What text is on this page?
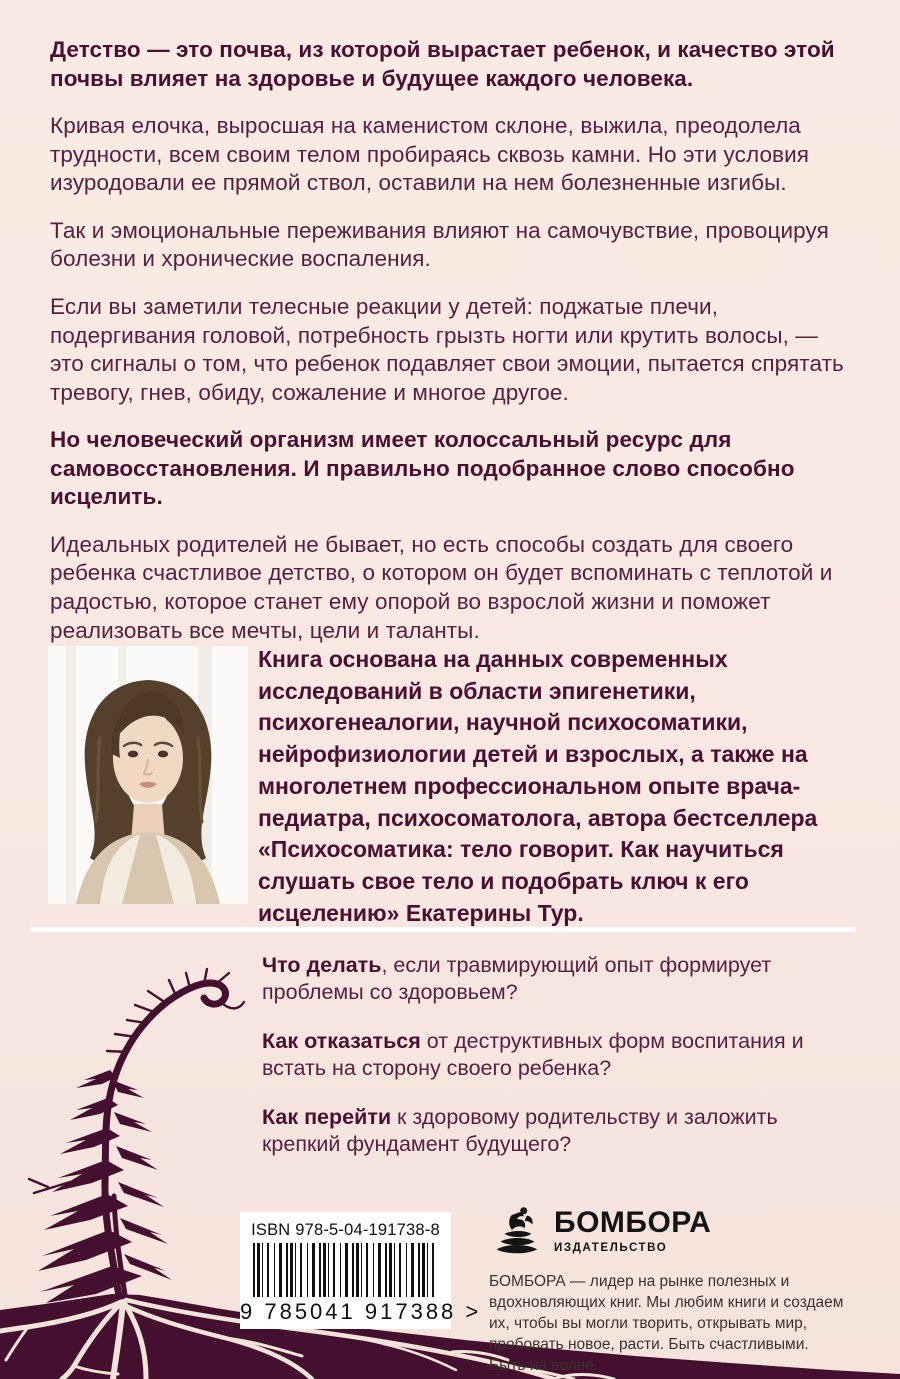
Детство — это почва, из которой вырастает ребенок, и качество этой почвы влияет на здоровье и будущее каждого человека.

Кривая елочка, выросшая на каменистом склоне, выжила, преодолела трудности, всем своим телом пробираясь сквозь камни. Но эти условия изуродовали ее прямой ствол, оставили на нем болезненные изгибы.

Так и эмоциональные переживания влияют на самочувствие, провоцируя болезни и хронические воспаления.

Если вы заметили телесные реакции у детей: поджатые плечи, подергивания головой, потребность грызть ногти или крутить волосы, — это сигналы о том, что ребенок подавляет свои эмоции, пытается спрятать тревогу, гнев, обиду, сожаление и многое другое.

Но человеческий организм имеет колоссальный ресурс для самовосстановления. И правильно подобранное слово способно исцелить.

Идеальных родителей не бывает, но есть способы создать для своего ребенка счастливое детство, о котором он будет вспоминать с теплотой и радостью, которое станет ему опорой во взрослой жизни и поможет реализовать все мечты, цели и таланты.

Книга основана на данных современных исследований в области эпигенетики, психогенеалогии, научной психосоматики, нейрофизиологии детей и взрослых, а также на многолетнем профессиональном опыте врача-педиатра, психосоматолога, автора бестселлера «Психосоматика: тело говорит. Как научиться слушать свое тело и подобрать ключ к его исцелению» Екатерины Тур.

Что делать, если травмирующий опыт формирует проблемы со здоровьем?

Как отказаться от деструктивных форм воспитания и встать на сторону своего ребенка?

Как перейти к здоровому родительству и заложить крепкий фундамент будущего?

ISBN 978-5-04-191738-8
9 785041 917388 >
БОМБОРА
ИЗДАТЕЛЬСТВО

БОМБОРА — лидер на рынке полезных и вдохновляющих книг. Мы любим книги и создаем их, чтобы вы могли творить, открывать мир, пробовать новое, расти. Быть счастливыми. Быть на волне.
